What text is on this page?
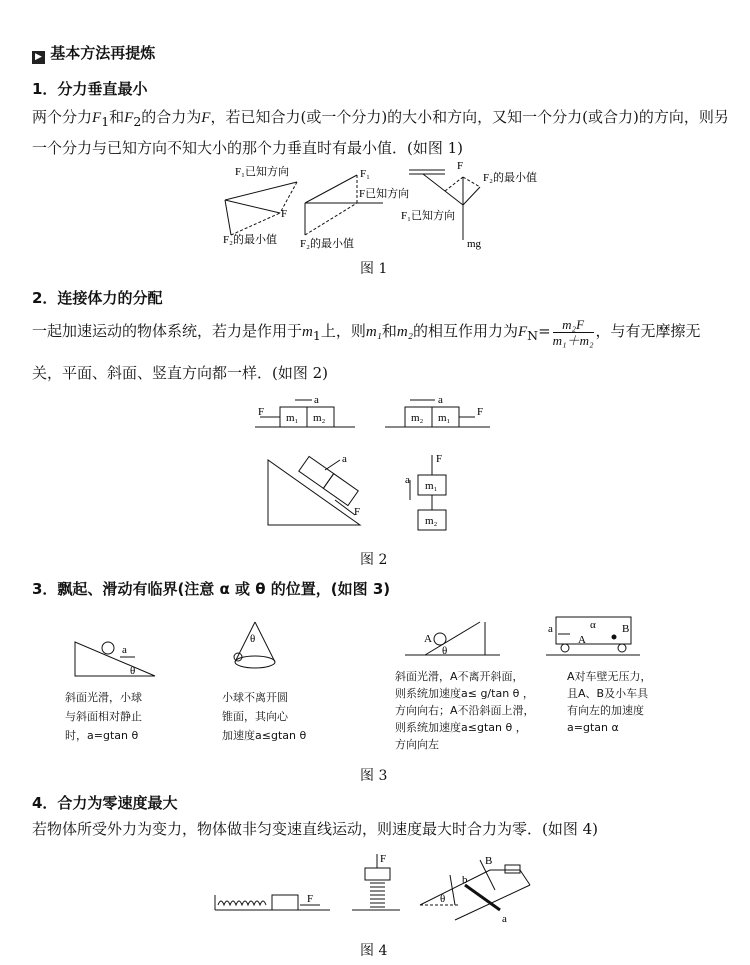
▶ 基本方法再提炼
1．分力垂直最小
两个分力$F_1$和$F_2$的合力为F，若已知合力(或一个分力)的大小和方向，又知一个分力(或合力)的方向，则另一个分力与已知方向不知大小的那个力垂直时有最小值．(如图 1)
F₁已知方向
F
F₂的最小值
F₁
F已知方向
F₂的最小值
F
F₂的最小值
F₁已知方向
mg
图 1
2．连接体力的分配
一起加速运动的物体系统，若力是作用于$m_1$上，则m₁和m₂的相互作用力为$F_N= \frac{\text{m₂F}}{\text{m₁＋m₂}}$ ，与有无摩擦无
关，平面、斜面、竖直方向都一样．(如图 2)
F
a
m₁ m₂	m₂ m₁ F
a
a
F
F
a m₁
m₂
图 2
3．飘起、滑动有临界(注意 α 或 θ 的位置，(如图 3)
a
θ
θ	A
θ
a	α
A
B
斜面光滑，小球
与斜面相对静止
时，a=gtan θ
小球不离开圆
锥面，其向心
加速度a≤gtan θ
斜面光滑，A不离开斜面，
则系统加速度a≤ g/tan θ ，
方向向右；A不沿斜面上滑，
则系统加速度a≤gtan θ ，
方向向左
A对车壁无压力，
且A、B及小车具
有向左的加速度
a=gtan α
图 3
4．合力为零速度最大
若物体所受外力为变力，物体做非匀变速直线运动，则速度最大时合力为零．(如图 4)
F
F	B
b
a
θ
图 4
